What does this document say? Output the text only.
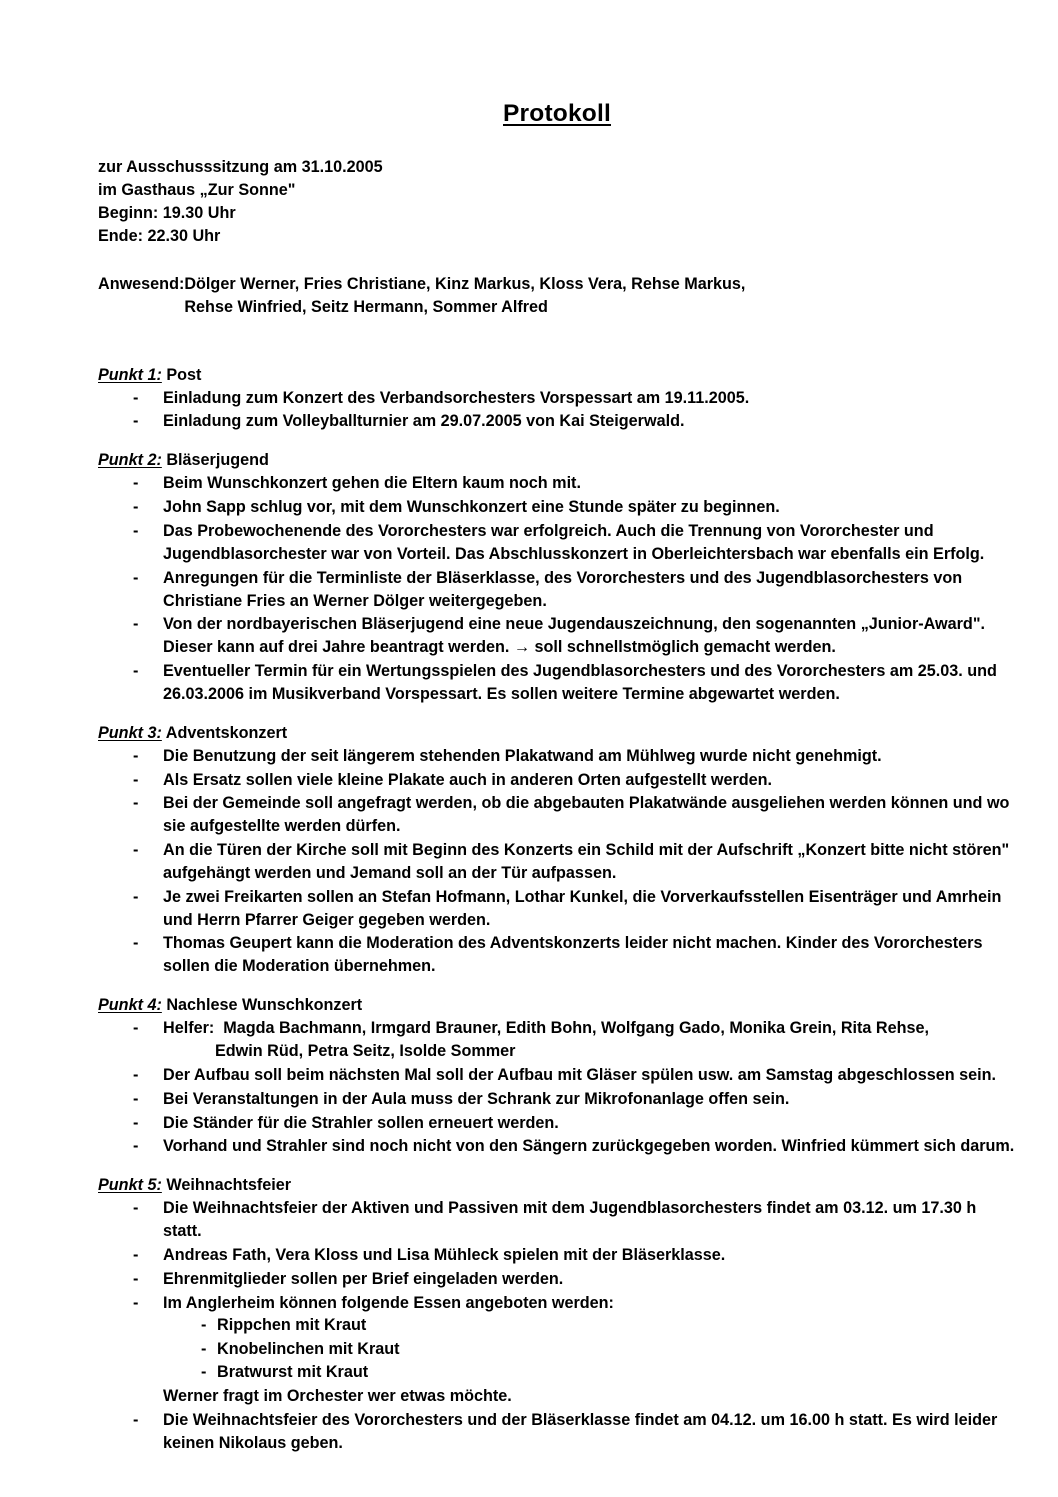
Protokoll
zur Ausschusssitzung am 31.10.2005
im Gasthaus „Zur Sonne"
Beginn: 19.30 Uhr
Ende: 22.30 Uhr
Anwesend: Dölger Werner, Fries Christiane, Kinz Markus, Kloss Vera, Rehse Markus,
Rehse Winfried, Seitz Hermann, Sommer Alfred
Punkt 1: Post
- Einladung zum Konzert des Verbandsorchesters Vorspessart am 19.11.2005.
- Einladung zum Volleyballturnier am 29.07.2005 von Kai Steigerwald.
Punkt 2: Bläserjugend
- Beim Wunschkonzert gehen die Eltern kaum noch mit.
- John Sapp schlug vor, mit dem Wunschkonzert eine Stunde später zu beginnen.
- Das Probewochenende des Vororchesters war erfolgreich. Auch die Trennung von Vororchester und Jugendblasorchester war von Vorteil. Das Abschlusskonzert in Oberleichtersbach war ebenfalls ein Erfolg.
- Anregungen für die Terminliste der Bläserklasse, des Vororchesters und des Jugendblasorchesters von Christiane Fries an Werner Dölger weitergegeben.
- Von der nordbayerischen Bläserjugend eine neue Jugendauszeichnung, den sogenannten „Junior-Award". Dieser kann auf drei Jahre beantragt werden. → soll schnellstmöglich gemacht werden.
- Eventueller Termin für ein Wertungsspielen des Jugendblasorchesters und des Vororchesters am 25.03. und 26.03.2006 im Musikverband Vorspessart. Es sollen weitere Termine abgewartet werden.
Punkt 3: Adventskonzert
- Die Benutzung der seit längerem stehenden Plakatwand am Mühlweg wurde nicht genehmigt.
- Als Ersatz sollen viele kleine Plakate auch in anderen Orten aufgestellt werden.
- Bei der Gemeinde soll angefragt werden, ob die abgebauten Plakatwände ausgeliehen werden können und wo sie aufgestellte werden dürfen.
- An die Türen der Kirche soll mit Beginn des Konzerts ein Schild mit der Aufschrift „Konzert bitte nicht stören" aufgehängt werden und Jemand soll an der Tür aufpassen.
- Je zwei Freikarten sollen an Stefan Hofmann, Lothar Kunkel, die Vorverkaufsstellen Eisenträger und Amrhein und Herrn Pfarrer Geiger gegeben werden.
- Thomas Geupert kann die Moderation des Adventskonzerts leider nicht machen. Kinder des Vororchesters sollen die Moderation übernehmen.
Punkt 4: Nachlese Wunschkonzert
- Helfer:  Magda Bachmann, Irmgard Brauner, Edith Bohn, Wolfgang Gado, Monika Grein, Rita Rehse,
Edwin Rüd, Petra Seitz, Isolde Sommer
- Der Aufbau soll beim nächsten Mal soll der Aufbau mit Gläser spülen usw. am Samstag abgeschlossen sein.
- Bei Veranstaltungen in der Aula muss der Schrank zur Mikrofonanlage offen sein.
- Die Ständer für die Strahler sollen erneuert werden.
- Vorhand und Strahler sind noch nicht von den Sängern zurückgegeben worden. Winfried kümmert sich darum.
Punkt 5: Weihnachtsfeier
- Die Weihnachtsfeier der Aktiven und Passiven mit dem Jugendblasorchesters findet am 03.12. um 17.30 h statt.
- Andreas Fath, Vera Kloss und Lisa Mühleck spielen mit der Bläserklasse.
- Ehrenmitglieder sollen per Brief eingeladen werden.
- Im Anglerheim können folgende Essen angeboten werden:
- Rippchen mit Kraut
- Knobelinchen mit Kraut
- Bratwurst mit Kraut
Werner fragt im Orchester wer etwas möchte.
- Die Weihnachtsfeier des Vororchesters und der Bläserklasse findet am 04.12. um 16.00 h statt. Es wird leider keinen Nikolaus geben.
